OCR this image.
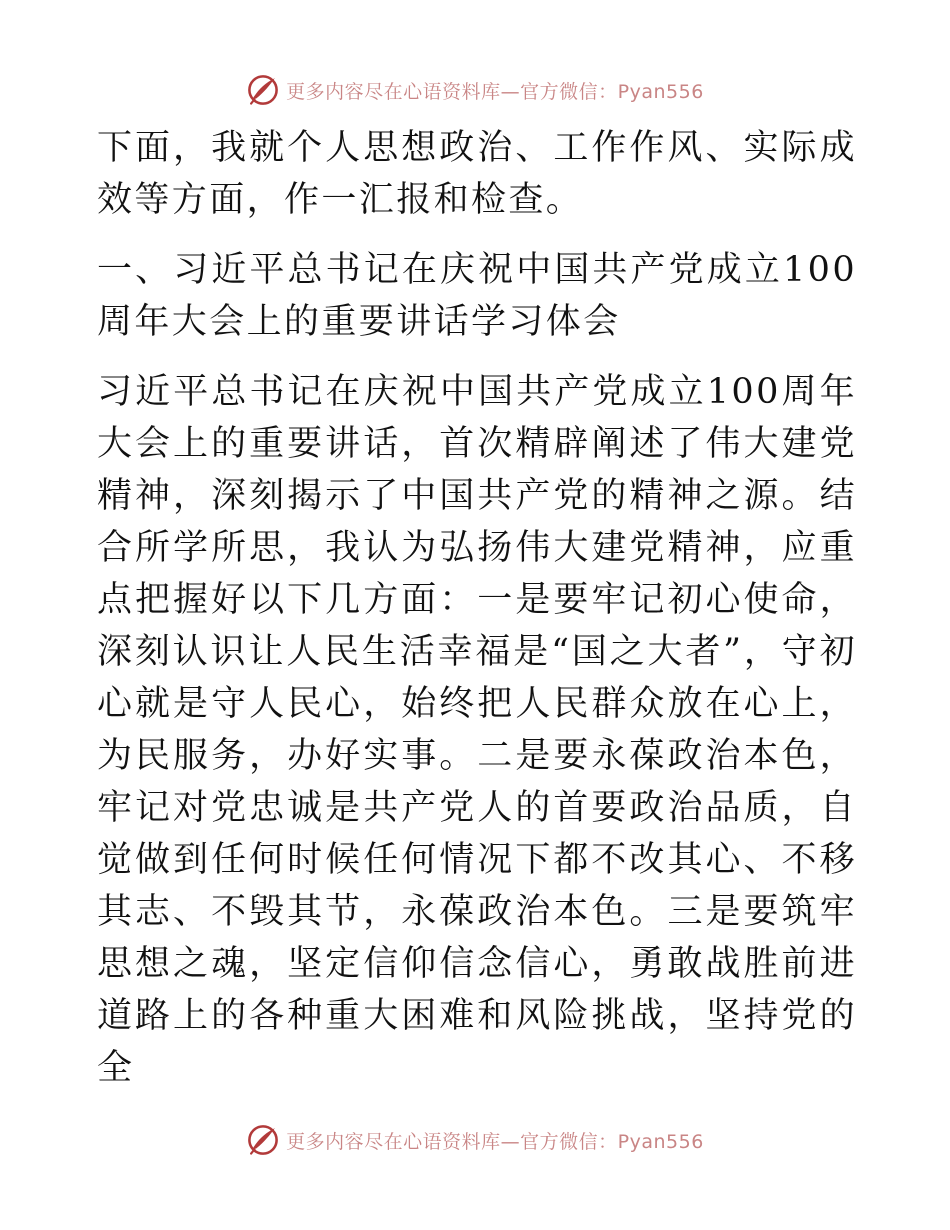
更多内容尽在心语资料库—官方微信：Pyan556

下面，我就个人思想政治、工作作风、实际成效等方面，作一汇报和检查。

一、习近平总书记在庆祝中国共产党成立100周年大会上的重要讲话学习体会

习近平总书记在庆祝中国共产党成立100周年大会上的重要讲话，首次精辟阐述了伟大建党精神，深刻揭示了中国共产党的精神之源。结合所学所思，我认为弘扬伟大建党精神，应重点把握好以下几方面：一是要牢记初心使命，深刻认识让人民生活幸福是“国之大者”，守初心就是守人民心，始终把人民群众放在心上，为民服务，办好实事。二是要永葆政治本色，牢记对党忠诚是共产党人的首要政治品质，自觉做到任何时候任何情况下都不改其心、不移其志、不毁其节，永葆政治本色。三是要筑牢思想之魂，坚定信仰信念信心，勇敢战胜前进道路上的各种重大困难和风险挑战，坚持党的全

更多内容尽在心语资料库—官方微信：Pyan556
